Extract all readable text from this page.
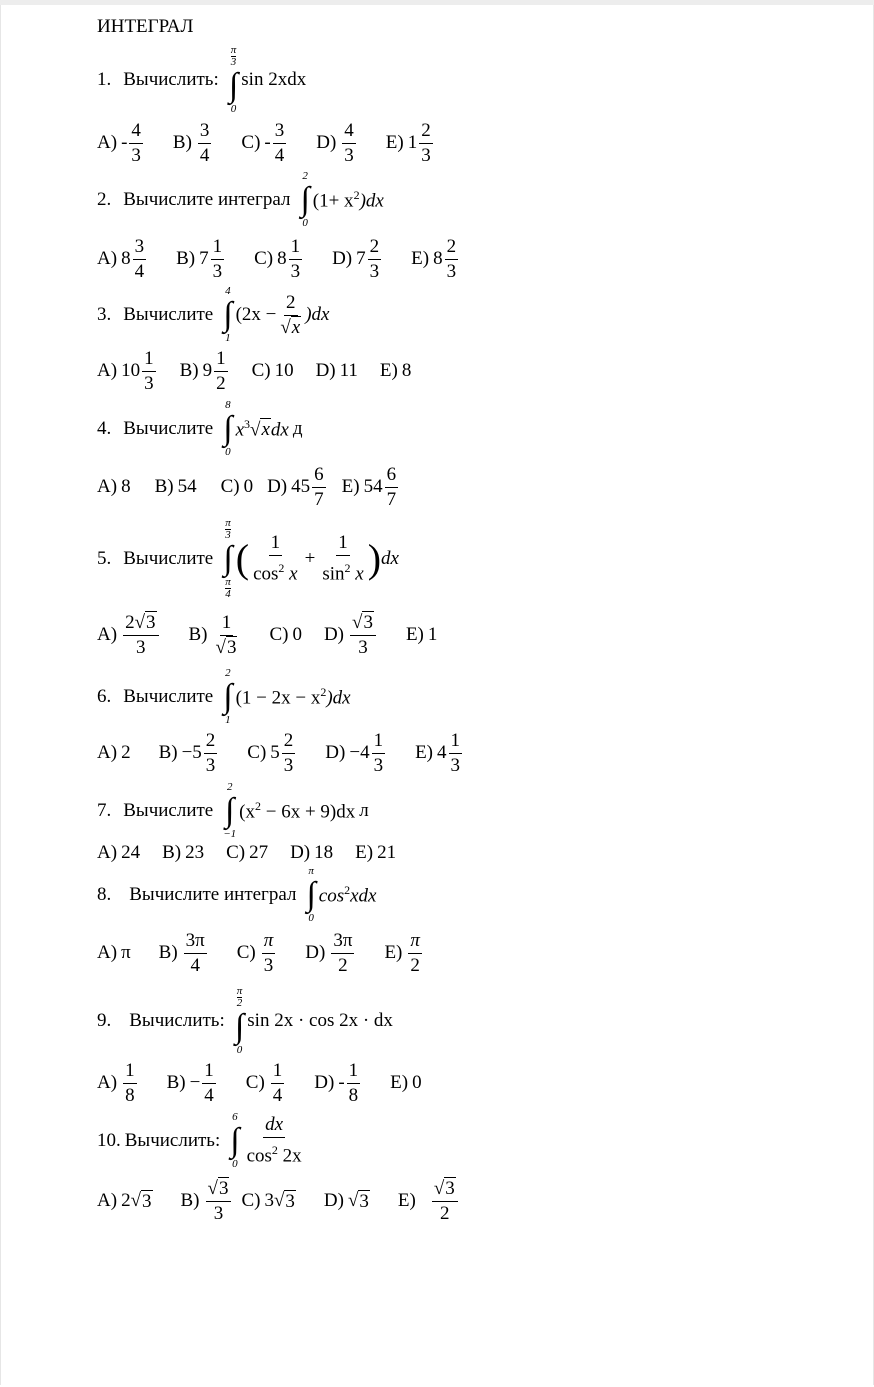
ИНТЕГРАЛ
1. Вычислить:
$\frac{\pi}{3}$
∫
0
sin 2xdx
$A) - \frac{4}{3} B) \frac{3}{4} C) - \frac{3}{4} D) \frac{4}{3} E$) $1 \frac{2}{3}$
2. Вычислите интеграл
2
∫
0
$(1+ x^2)dx$
A) $8 \frac{3}{4} B$) $7 \frac{1}{3} C$) $8 \frac{1}{3} D$) $7 \frac{2}{3} E$) $8 \frac{2}{3}$
3. Вычислите
4
∫
1
$(2x - \frac{2}{√x} )dx$
A) $10 \frac{1}{3} B$) $9 \frac{1}{2} C$) 10 D) 11 E) 8
4. Вычислите
8
∫
0
$x^3√xdx$ д
A) 8 B) 54 C) 0 D) $45 \frac{6}{7} E$) $54 \frac{6}{7}$
5. Вычислите
$\frac{\pi}{3}$
∫
$\frac{\pi}{4}$
( $\frac{1}{\cos^2 x} + \frac{1}{\sin^2 x}$ ) dx
$A) \frac{2√3}{3} B) \frac{1}{√3} C$) 0 $D) \frac{√3}{3} E$) 1
6. Вычислите
2
∫
1
$(1 - 2x - x^2)dx$
A) 2 $B) - 5 \frac{2}{3} C$) $5 \frac{2}{3} D) - 4 \frac{1}{3} E$) $4 \frac{1}{3}$
7. Вычислите
2
∫
−1
$(x^2 - 6x + 9)dx$ л
A) 24 B) 23 C) 27 D) 18 E) 21
8. Вычислите интеграл
π
∫
0
$\cos^2xdx$
A) π $B) \frac{3\pi}{4} C) \frac{\pi}{3} D) \frac{3\pi}{2} E) \frac{\pi}{2}$
9. Вычислить:
$\frac{\pi}{2}$
∫
0
sin 2x · cos 2x · dx
$A) \frac{1}{8} B) - \frac{1}{4} C) \frac{1}{4} D) - \frac{1}{8} E$) 0
10. Вычислить:
6
∫
$0 \frac{dx}{\cos^2 2x}$
A) 2 √ 3 $B) \frac{√3}{3} C$) 3 √ 3 D) √ 3 $E) \frac{√3}{2}$
